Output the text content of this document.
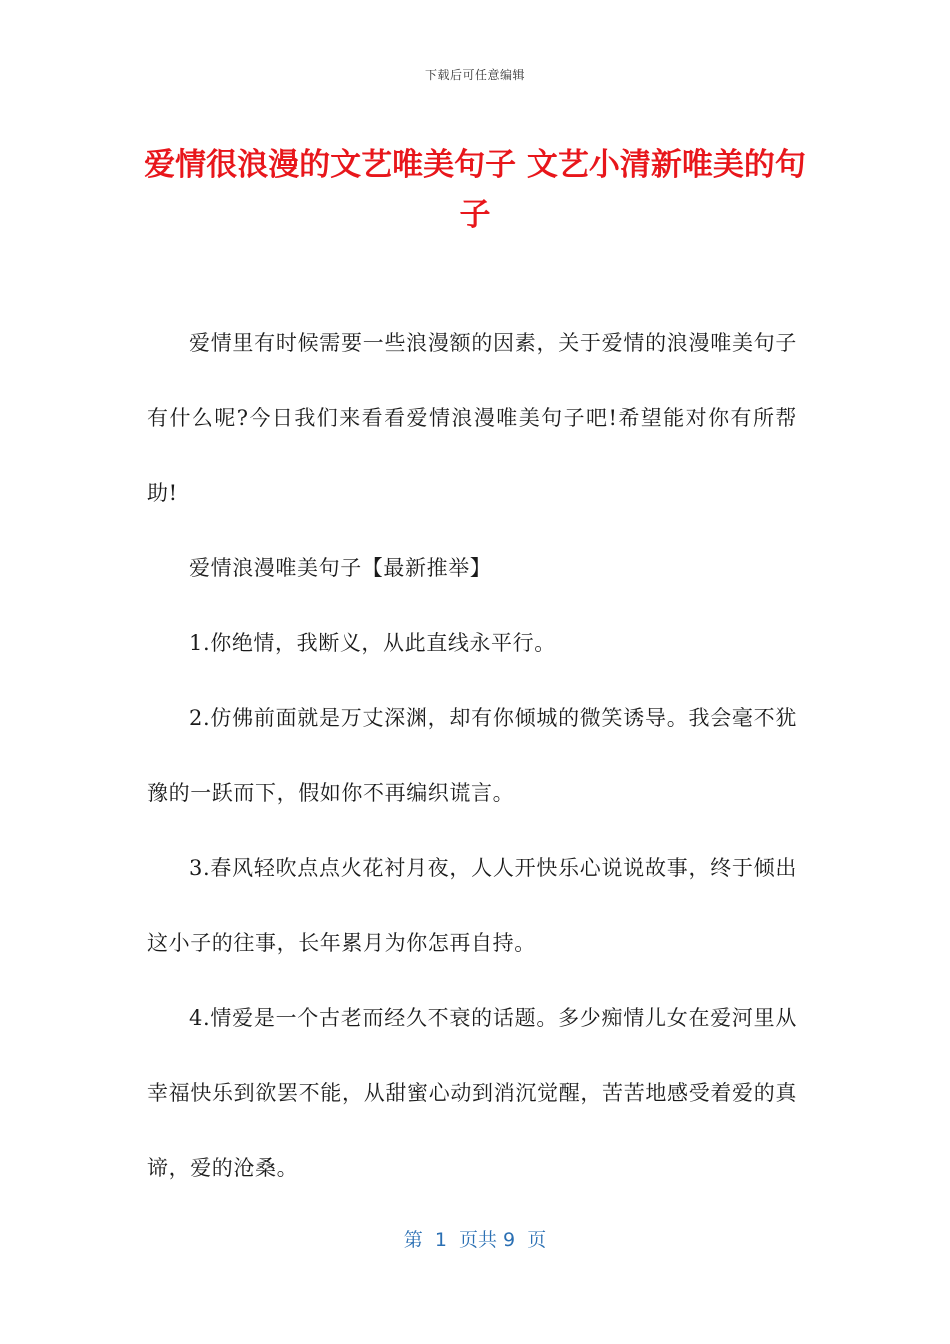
下载后可任意编辑
爱情很浪漫的文艺唯美句子 文艺小清新唯美的句子

爱情里有时候需要一些浪漫额的因素，关于爱情的浪漫唯美句子有什么呢?今日我们来看看爱情浪漫唯美句子吧!希望能对你有所帮助!

爱情浪漫唯美句子【最新推举】

1.你绝情，我断义，从此直线永平行。

2.仿佛前面就是万丈深渊，却有你倾城的微笑诱导。我会毫不犹豫的一跃而下，假如你不再编织谎言。

3.春风轻吹点点火花衬月夜，人人开快乐心说说故事，终于倾出这小子的往事，长年累月为你怎再自持。

4.情爱是一个古老而经久不衰的话题。多少痴情儿女在爱河里从幸福快乐到欲罢不能，从甜蜜心动到消沉觉醒，苦苦地感受着爱的真谛，爱的沧桑。

第  1  页共 9  页
